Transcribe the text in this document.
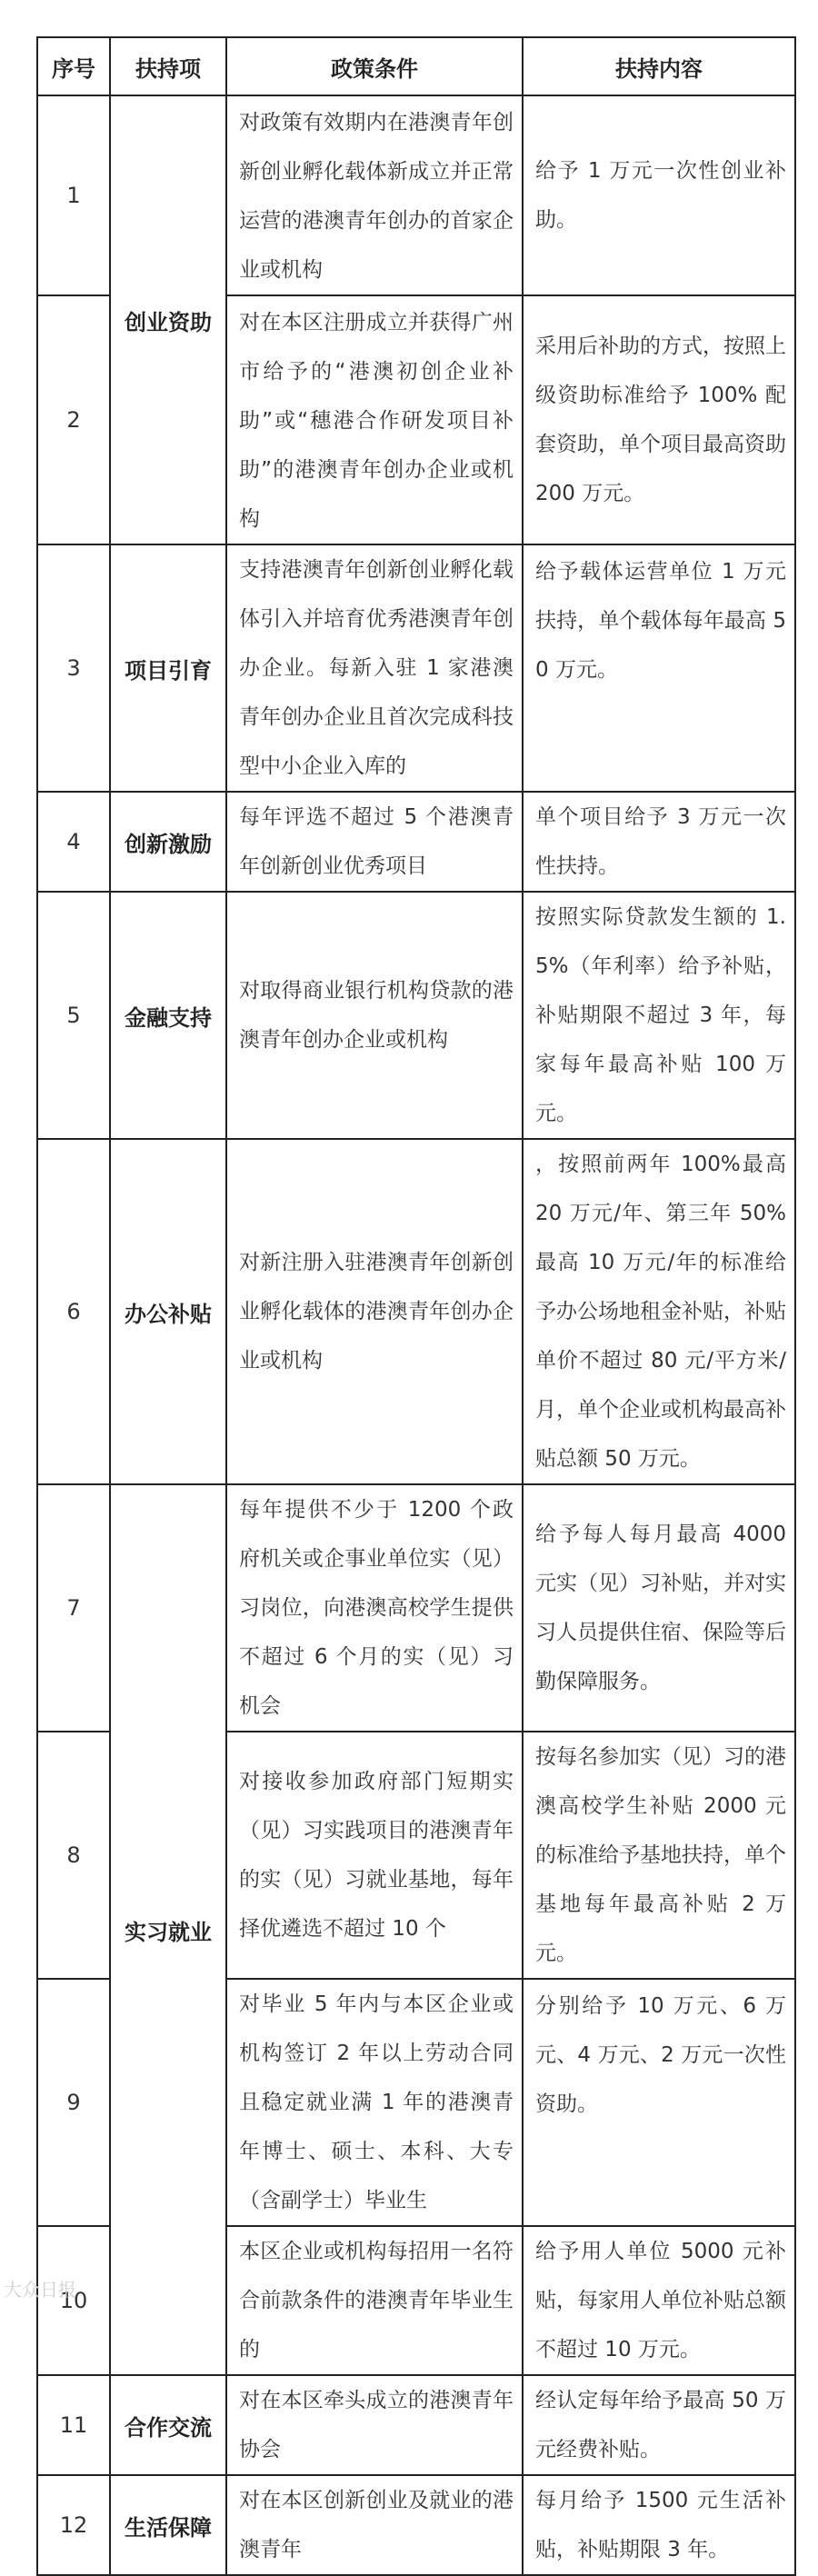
序号	扶持项	政策条件	扶持内容
1	创业资助	对政策有效期内在港澳青年创新创业孵化载体新成立并正常运营的港澳青年创办的首家企业或机构	给予 1 万元一次性创业补助。
2		对在本区注册成立并获得广州市给予的“港澳初创企业补助”或“穗港合作研发项目补助”的港澳青年创办企业或机构	采用后补助的方式，按照上级资助标准给予 100% 配套资助，单个项目最高资助 200 万元。
3	项目引育	支持港澳青年创新创业孵化载体引入并培育优秀港澳青年创办企业。每新入驻 1 家港澳青年创办企业且首次完成科技型中小企业入库的	给予载体运营单位 1 万元扶持，单个载体每年最高 50 万元。
4	创新激励	每年评选不超过 5 个港澳青年创新创业优秀项目	单个项目给予 3 万元一次性扶持。
5	金融支持	对取得商业银行机构贷款的港澳青年创办企业或机构	按照实际贷款发生额的 1.5%（年利率）给予补贴，补贴期限不超过 3 年，每家每年最高补贴 100 万元。
6	办公补贴	对新注册入驻港澳青年创新创业孵化载体的港澳青年创办企业或机构	，按照前两年 100%最高 20 万元/年、第三年 50%最高 10 万元/年的标准给予办公场地租金补贴，补贴单价不超过 80 元/平方米/月，单个企业或机构最高补贴总额 50 万元。
7	实习就业	每年提供不少于 1200 个政府机关或企事业单位实（见）习岗位，向港澳高校学生提供不超过 6 个月的实（见）习机会	给予每人每月最高 4000 元实（见）习补贴，并对实习人员提供住宿、保险等后勤保障服务。
8		对接收参加政府部门短期实（见）习实践项目的港澳青年的实（见）习就业基地，每年择优遴选不超过 10 个	按每名参加实（见）习的港澳高校学生补贴 2000 元的标准给予基地扶持，单个基地每年最高补贴 2 万元。
9		对毕业 5 年内与本区企业或机构签订 2 年以上劳动合同且稳定就业满 1 年的港澳青年博士、硕士、本科、大专（含副学士）毕业生	分别给予 10 万元、6 万元、4 万元、2 万元一次性资助。
10		本区企业或机构每招用一名符合前款条件的港澳青年毕业生的	给予用人单位 5000 元补贴，每家用人单位补贴总额不超过 10 万元。
11	合作交流	对在本区牵头成立的港澳青年协会	经认定每年给予最高 50 万元经费补贴。
12	生活保障	对在本区创新创业及就业的港澳青年	每月给予 1500 元生活补贴，补贴期限 3 年。
大众日报
